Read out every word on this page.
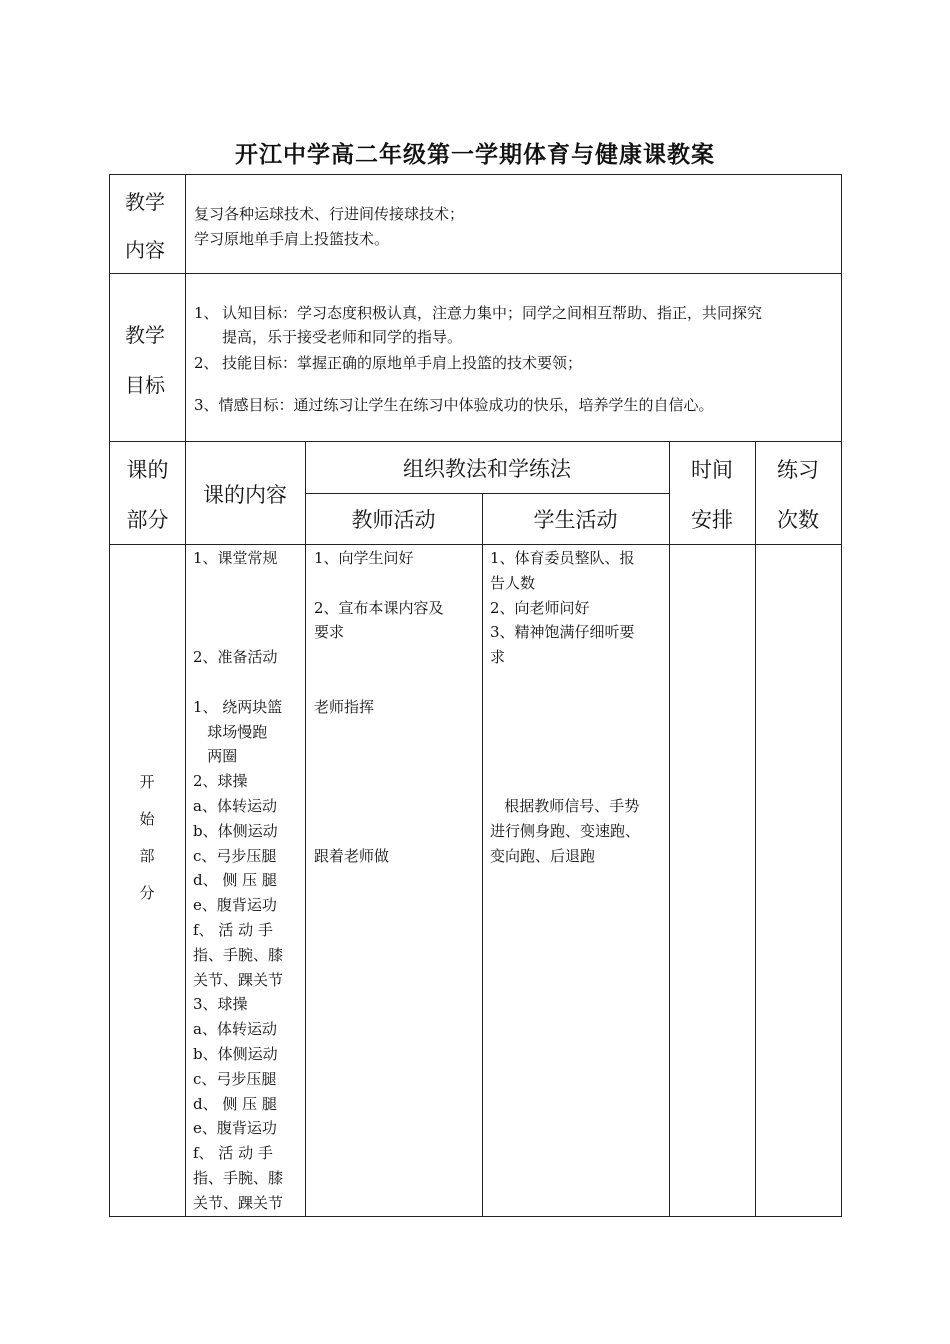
开江中学高二年级第一学期体育与健康课教案
教学
内容
复习各种运球技术、行进间传接球技术；
学习原地单手肩上投篮技术。
教学
目标
1、 认知目标：学习态度积极认真，注意力集中；同学之间相互帮助、指正，共同探究
提高，乐于接受老师和同学的指导。
2、 技能目标：掌握正确的原地单手肩上投篮的技术要领；
3、情感目标：通过练习让学生在练习中体验成功的快乐，培养学生的自信心。
课的
部分
课的内容
组织教法和学练法
教师活动	学生活动
时间
安排
练习
次数
开
始
部
分
1、课堂常规
2、准备活动
1、 绕两块篮
球场慢跑
两圈
2、球操
a、体转运动
b、体侧运动
c、弓步压腿
d、 侧 压 腿
e、腹背运功
f、 活 动 手
指、手腕、膝
关节、踝关节
3、球操
a、体转运动
b、体侧运动
c、弓步压腿
d、 侧 压 腿
e、腹背运功
f、 活 动 手
指、手腕、膝
关节、踝关节
1、向学生问好
2、宣布本课内容及
要求
老师指挥
跟着老师做
1、体育委员整队、报
告人数
2、向老师问好
3、精神饱满仔细听要
求
根据教师信号、手势
进行侧身跑、变速跑、
变向跑、后退跑
